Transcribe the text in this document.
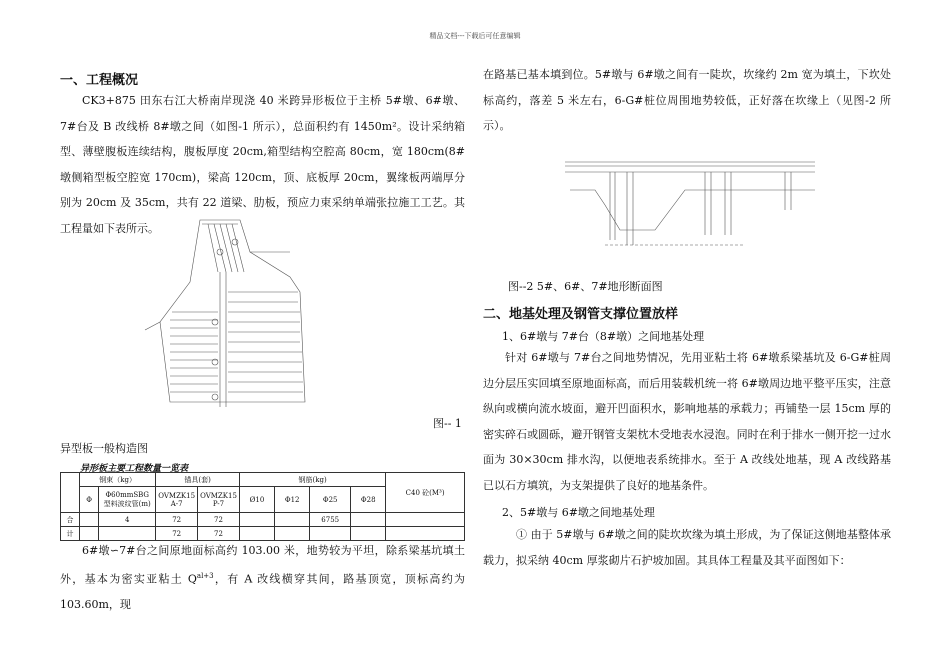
精品文档---下载后可任意编辑
一、工程概况
CK3+875 田东右江大桥南岸现浇 40 米跨异形板位于主桥 5#墩、6#墩、7#台及 B 改线桥 8#墩之间（如图-1 所示），总面积约有 1450m²。设计采纳箱型、薄壁腹板连续结构，腹板厚度 20cm,箱型结构空腔高 80cm，宽 180cm(8#墩侧箱型板空腔宽 170cm)，梁高 120cm，顶、底板厚 20cm，翼缘板两端厚分别为 20cm 及 35cm，共有 22 道梁、肋板，预应力束采纳单端张拉施工工艺。其工程量如下表所示。
图-- 1
异型板一般构造图
异形板主要工程数量一览表
	钢束（kg）		锚具(套)		钢筋(kg)				C40 砼(M³)
	Φ	Φ60mmSBG 型料波纹管(m)	OVMZK15 A-7	OVMZK15 P-7	Ø10	Φ12	Φ25	Φ28	
合		4	72	72			6755		
计			72	72					
6#墩∽7#台之间原地面标高约 103.00 米，地势较为平坦，除系梁基坑填土外，基本为密实亚粘土 $Q^{al+3}$，有 A 改线横穿其间，路基顶宽，顶标高约为 103.60m，现
在路基已基本填到位。5#墩与 6#墩之间有一陡坎，坎缘约 2m 宽为填土，下坎处标高约，落差 5 米左右，6-G#桩位周围地势较低，正好落在坎缘上（见图-2 所示）。
图--2 5#、6#、7#地形断面图
二、地基处理及钢管支撑位置放样
1、6#墩与 7#台（8#墩）之间地基处理
针对 6#墩与 7#台之间地势情况，先用亚粘土将 6#墩系梁基坑及 6-G#桩周边分层压实回填至原地面标高，而后用装载机统一将 6#墩周边地平整平压实，注意纵向或横向流水坡面，避开凹面积水，影响地基的承载力；再铺垫一层 15cm 厚的密实碎石或圆砾，避开钢管支架枕木受地表水浸泡。同时在利于排水一侧开挖一过水面为 30×30cm 排水沟，以便地表系统排水。至于 A 改线处地基，现 A 改线路基已以石方填筑，为支架提供了良好的地基条件。
2、5#墩与 6#墩之间地基处理
① 由于 5#墩与 6#墩之间的陡坎坎缘为填土形成，为了保证这侧地基整体承载力，拟采纳 40cm 厚浆砌片石护坡加固。其具体工程量及其平面图如下：
